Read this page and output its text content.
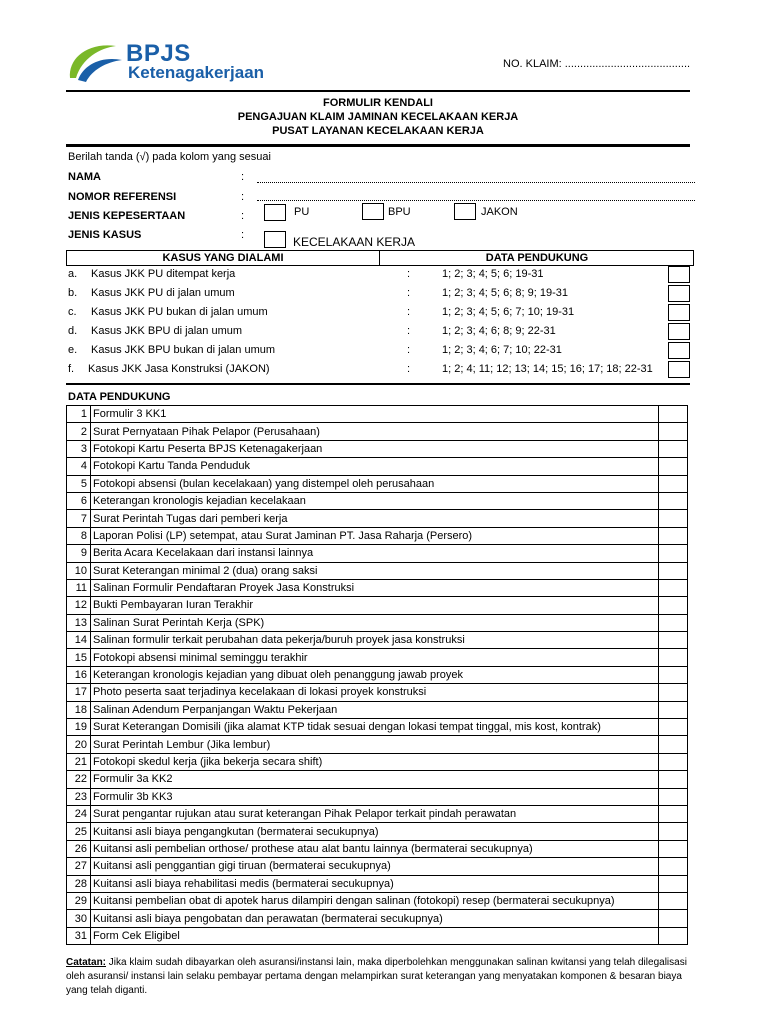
BPJS
Ketenagakerjaan	NO. KLAIM: .........................................
FORMULIR KENDALI
PENGAJUAN KLAIM JAMINAN KECELAKAAN KERJA
PUSAT LAYANAN KECELAKAAN KERJA
Berilah tanda (√) pada kolom yang sesuai
NAMA	:
NOMOR REFERENSI	:
JENIS KEPESERTAAN	:	PU	BPU	JAKON
JENIS KASUS	:	KECELAKAAN KERJA
KASUS YANG DIALAMI	DATA PENDUKUNG
a. Kasus JKK PU ditempat kerja	:	1; 2; 3; 4; 5; 6; 19-31
b. Kasus JKK PU di jalan umum	:	1; 2; 3; 4; 5; 6; 8; 9; 19-31
c. Kasus JKK PU bukan di jalan umum	:	1; 2; 3; 4; 5; 6; 7; 10; 19-31
d. Kasus JKK BPU di jalan umum	:	1; 2; 3; 4; 6; 8; 9; 22-31
e. Kasus JKK BPU bukan di jalan umum	:	1; 2; 3; 4; 6; 7; 10; 22-31
f. Kasus JKK Jasa Konstruksi (JAKON)	:	1; 2; 4; 11; 12; 13; 14; 15; 16; 17; 18; 22-31
DATA PENDUKUNG
1	Formulir 3 KK1	
2	Surat Pernyataan Pihak Pelapor (Perusahaan)	
3	Fotokopi Kartu Peserta BPJS Ketenagakerjaan	
4	Fotokopi Kartu Tanda Penduduk	
5	Fotokopi absensi (bulan kecelakaan) yang distempel oleh perusahaan	
6	Keterangan kronologis kejadian kecelakaan	
7	Surat Perintah Tugas dari pemberi kerja	
8	Laporan Polisi (LP) setempat, atau Surat Jaminan PT. Jasa Raharja (Persero)	
9	Berita Acara Kecelakaan dari instansi lainnya	
10	Surat Keterangan minimal 2 (dua) orang saksi	
11	Salinan Formulir Pendaftaran Proyek Jasa Konstruksi	
12	Bukti Pembayaran Iuran Terakhir	
13	Salinan Surat Perintah Kerja (SPK)	
14	Salinan formulir terkait perubahan data pekerja/buruh proyek jasa konstruksi	
15	Fotokopi absensi minimal seminggu terakhir	
16	Keterangan kronologis kejadian yang dibuat oleh penanggung jawab proyek	
17	Photo peserta saat terjadinya kecelakaan di lokasi proyek konstruksi	
18	Salinan Adendum Perpanjangan Waktu Pekerjaan	
19	Surat Keterangan Domisili (jika alamat KTP tidak sesuai dengan lokasi tempat tinggal, mis kost, kontrak)	
20	Surat Perintah Lembur (Jika lembur)	
21	Fotokopi skedul kerja (jika bekerja secara shift)	
22	Formulir 3a KK2	
23	Formulir 3b KK3	
24	Surat pengantar rujukan atau surat keterangan Pihak Pelapor terkait pindah perawatan	
25	Kuitansi asli biaya pengangkutan (bermaterai secukupnya)	
26	Kuitansi asli pembelian orthose/ prothese atau alat bantu lainnya (bermaterai secukupnya)	
27	Kuitansi asli penggantian gigi tiruan (bermaterai secukupnya)	
28	Kuitansi asli biaya rehabilitasi medis (bermaterai secukupnya)	
29	Kuitansi pembelian obat di apotek harus dilampiri dengan salinan (fotokopi) resep (bermaterai secukupnya)	
30	Kuitansi asli biaya pengobatan dan perawatan (bermaterai secukupnya)	
31	Form Cek Eligibel	
Catatan: Jika klaim sudah dibayarkan oleh asuransi/instansi lain, maka diperbolehkan menggunakan salinan kwitansi yang telah dilegalisasi oleh asuransi/ instansi lain selaku pembayar pertama dengan melampirkan surat keterangan yang menyatakan komponen & besaran biaya yang telah diganti.
